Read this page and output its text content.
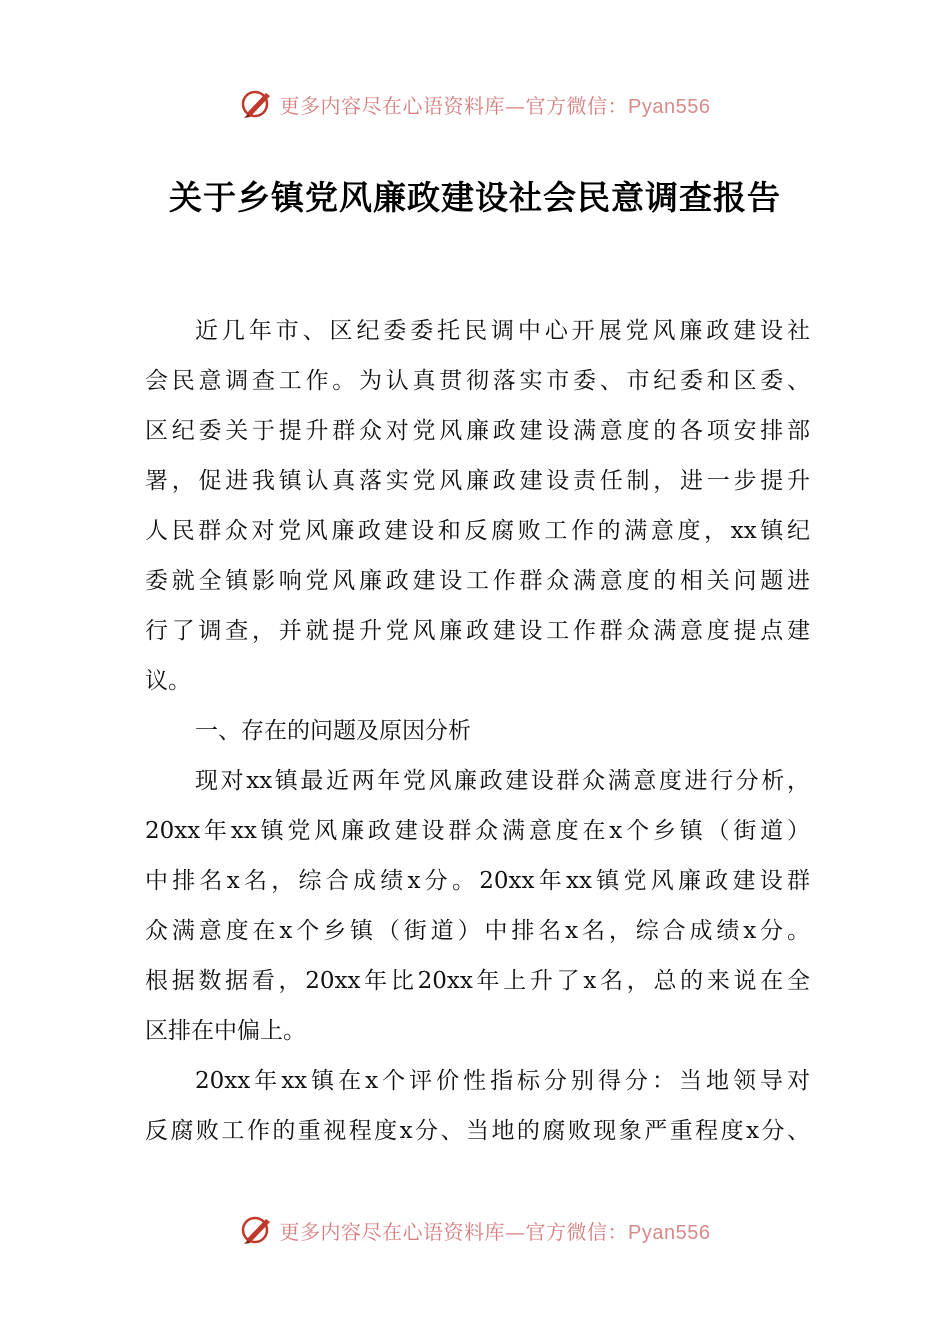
更多内容尽在心语资料库—官方微信：Pyan556
关于乡镇党风廉政建设社会民意调查报告
近几年市、区纪委委托民调中心开展党风廉政建设社
会民意调查工作。为认真贯彻落实市委、市纪委和区委、
区纪委关于提升群众对党风廉政建设满意度的各项安排部
署，促进我镇认真落实党风廉政建设责任制，进一步提升
人民群众对党风廉政建设和反腐败工作的满意度，xx镇纪
委就全镇影响党风廉政建设工作群众满意度的相关问题进
行了调查，并就提升党风廉政建设工作群众满意度提点建
议。
一、存在的问题及原因分析
现对xx镇最近两年党风廉政建设群众满意度进行分析，
20xx年xx镇党风廉政建设群众满意度在x个乡镇（街道）
中排名x名，综合成绩x分。20xx年xx镇党风廉政建设群
众满意度在x个乡镇（街道）中排名x名，综合成绩x分。
根据数据看，20xx年比20xx年上升了x名，总的来说在全
区排在中偏上。
20xx年xx镇在x个评价性指标分别得分：当地领导对
反腐败工作的重视程度x分、当地的腐败现象严重程度x分、
更多内容尽在心语资料库—官方微信：Pyan556
